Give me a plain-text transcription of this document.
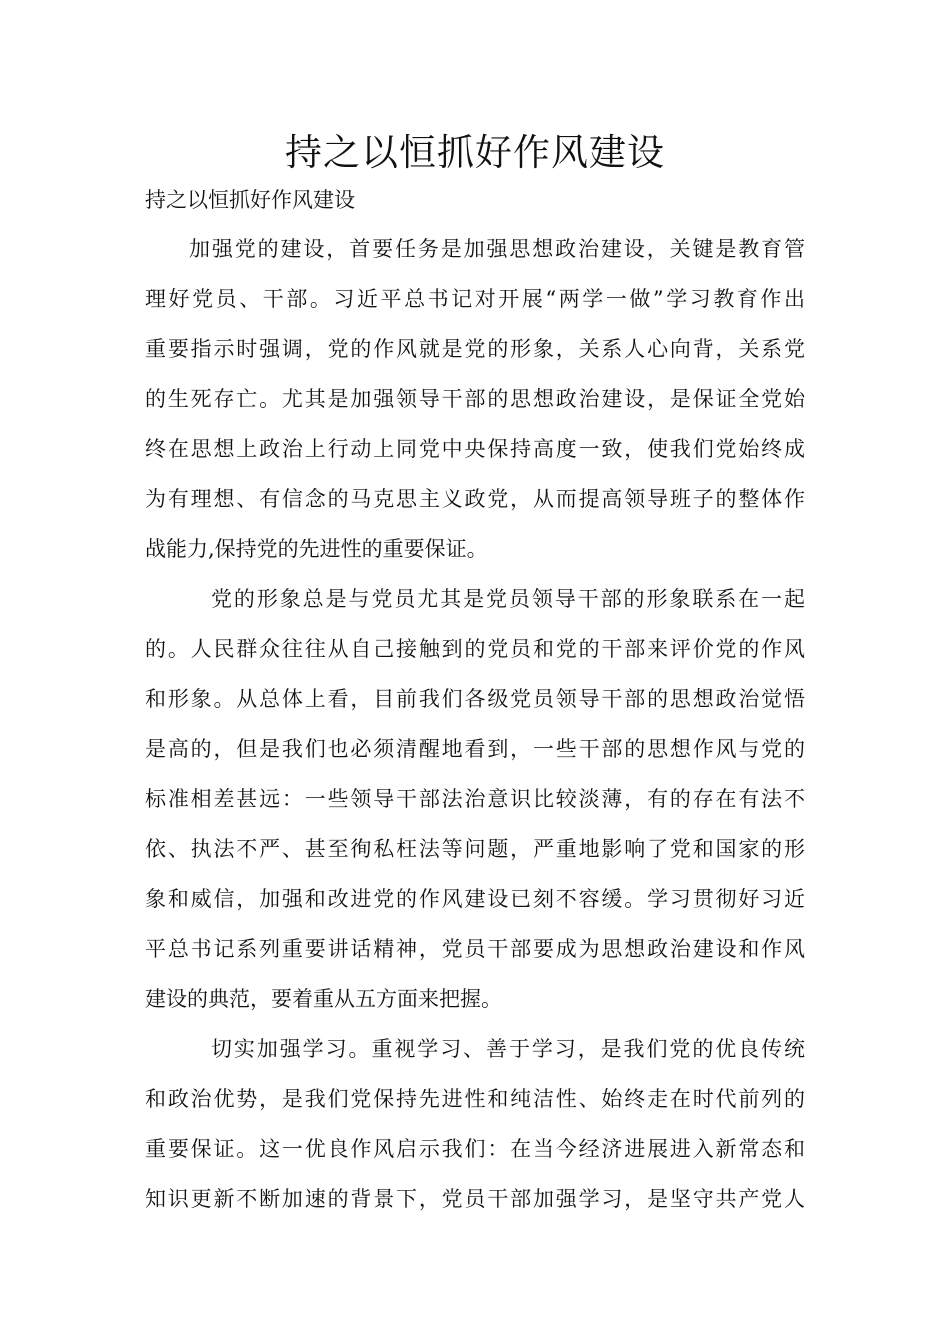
持之以恒抓好作风建设

持之以恒抓好作风建设

加强党的建设，首要任务是加强思想政治建设，关键是教育管
理好党员、干部。习近平总书记对开展“两学一做”学习教育作出
重要指示时强调，党的作风就是党的形象，关系人心向背，关系党
的生死存亡。尤其是加强领导干部的思想政治建设，是保证全党始
终在思想上政治上行动上同党中央保持高度一致，使我们党始终成
为有理想、有信念的马克思主义政党，从而提高领导班子的整体作
战能力,保持党的先进性的重要保证。
党的形象总是与党员尤其是党员领导干部的形象联系在一起
的。人民群众往往从自己接触到的党员和党的干部来评价党的作风
和形象。从总体上看，目前我们各级党员领导干部的思想政治觉悟
是高的，但是我们也必须清醒地看到，一些干部的思想作风与党的
标准相差甚远：一些领导干部法治意识比较淡薄，有的存在有法不
依、执法不严、甚至徇私枉法等问题，严重地影响了党和国家的形
象和威信，加强和改进党的作风建设已刻不容缓。学习贯彻好习近
平总书记系列重要讲话精神，党员干部要成为思想政治建设和作风
建设的典范，要着重从五方面来把握。
切实加强学习。重视学习、善于学习，是我们党的优良传统
和政治优势，是我们党保持先进性和纯洁性、始终走在时代前列的
重要保证。这一优良作风启示我们：在当今经济进展进入新常态和
知识更新不断加速的背景下，党员干部加强学习，是坚守共产党人
